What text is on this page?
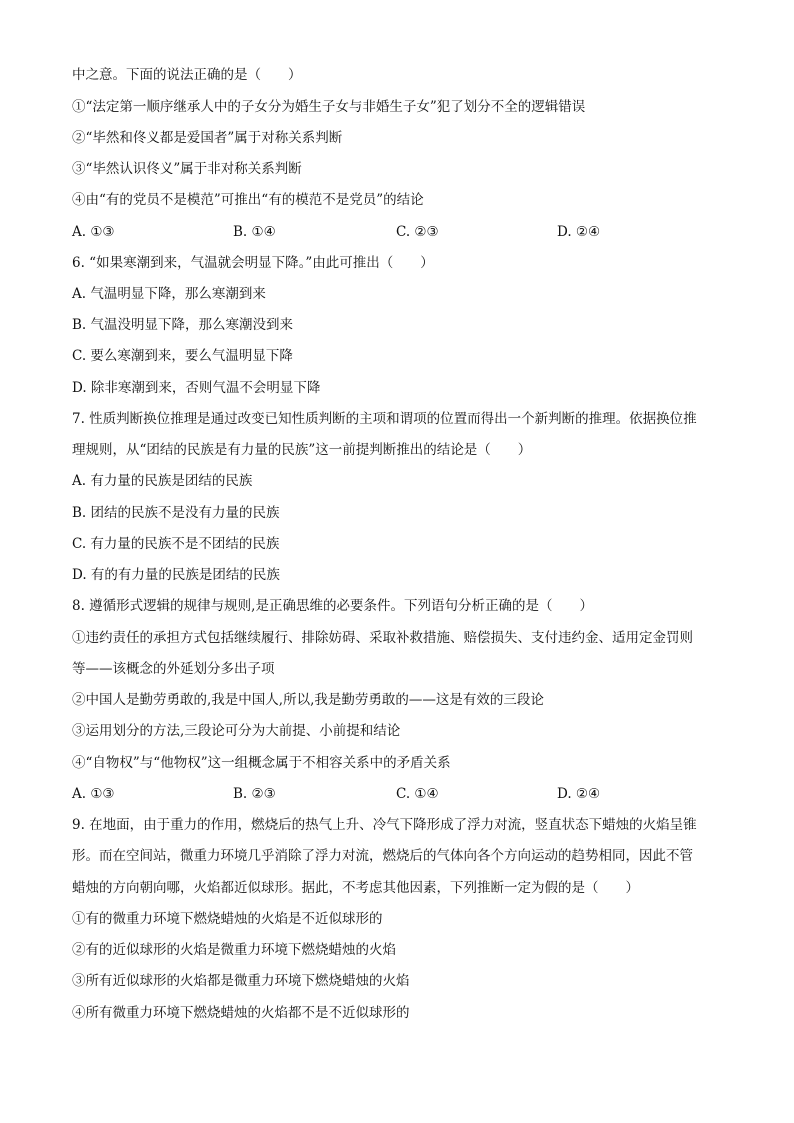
中之意。下面的说法正确的是（　　）
①“法定第一顺序继承人中的子女分为婚生子女与非婚生子女”犯了划分不全的逻辑错误
②“毕然和佟义都是爱国者”属于对称关系判断
③“毕然认识佟义”属于非对称关系判断
④由“有的党员不是模范”可推出“有的模范不是党员”的结论
A. ①③	B. ①④	C. ②③	D. ②④
6. “如果寒潮到来，气温就会明显下降。”由此可推出（　　）
A. 气温明显下降，那么寒潮到来
B. 气温没明显下降，那么寒潮没到来
C. 要么寒潮到来，要么气温明显下降
D. 除非寒潮到来，否则气温不会明显下降
7. 性质判断换位推理是通过改变已知性质判断的主项和谓项的位置而得出一个新判断的推理。依据换位推
理规则，从“团结的民族是有力量的民族”这一前提判断推出的结论是（　　）
A. 有力量的民族是团结的民族
B. 团结的民族不是没有力量的民族
C. 有力量的民族不是不团结的民族
D. 有的有力量的民族是团结的民族
8. 遵循形式逻辑的规律与规则,是正确思维的必要条件。下列语句分析正确的是（　　）
①违约责任的承担方式包括继续履行、排除妨碍、采取补救措施、赔偿损失、支付违约金、适用定金罚则
等——该概念的外延划分多出子项
②中国人是勤劳勇敢的,我是中国人,所以,我是勤劳勇敢的——这是有效的三段论
③运用划分的方法,三段论可分为大前提、小前提和结论
④“自物权”与“他物权”这一组概念属于不相容关系中的矛盾关系
A. ①③	B. ②③	C. ①④	D. ②④
9. 在地面，由于重力的作用，燃烧后的热气上升、冷气下降形成了浮力对流，竖直状态下蜡烛的火焰呈锥
形。而在空间站，微重力环境几乎消除了浮力对流，燃烧后的气体向各个方向运动的趋势相同，因此不管
蜡烛的方向朝向哪，火焰都近似球形。据此，不考虑其他因素，下列推断一定为假的是（　　）
①有的微重力环境下燃烧蜡烛的火焰是不近似球形的
②有的近似球形的火焰是微重力环境下燃烧蜡烛的火焰
③所有近似球形的火焰都是微重力环境下燃烧蜡烛的火焰
④所有微重力环境下燃烧蜡烛的火焰都不是不近似球形的
